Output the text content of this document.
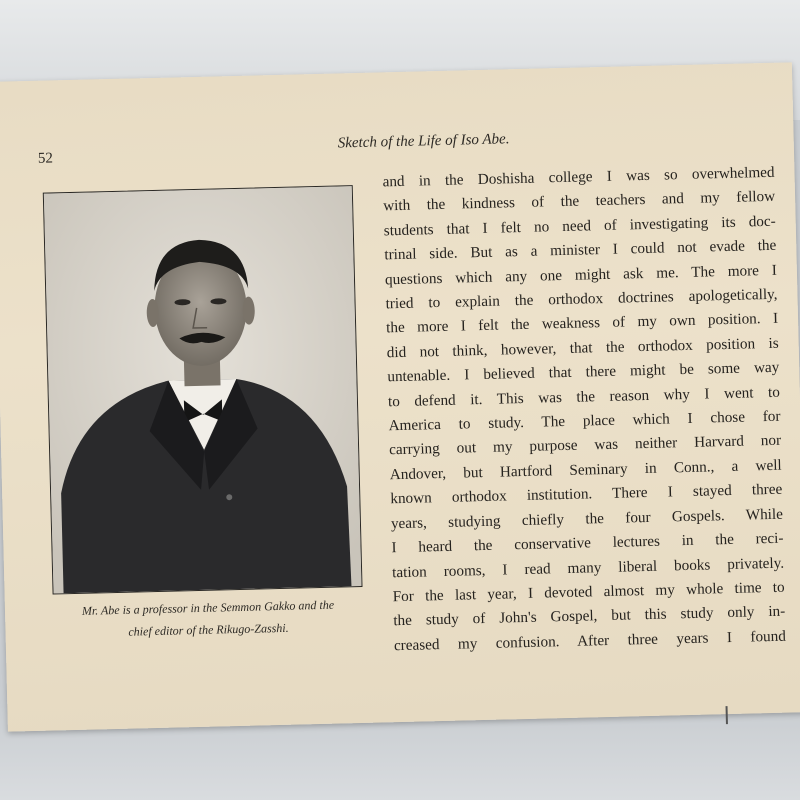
52
Sketch of the Life of Iso Abe.
Mr. Abe is a professor in the Semmon Gakko and the
chief editor of the Rikugo-Zasshi.
and in the Doshisha college I was so overwhelmed
with the kindness of the teachers and my fellow
students that I felt no need of investigating its doc-
trinal side. But as a minister I could not evade the
questions which any one might ask me. The more I
tried to explain the orthodox doctrines apologetically,
the more I felt the weakness of my own position. I
did not think, however, that the orthodox position is
untenable. I believed that there might be some way
to defend it. This was the reason why I went to
America to study. The place which I chose for
carrying out my purpose was neither Harvard nor
Andover, but Hartford Seminary in Conn., a well
known orthodox institution. There I stayed three
years, studying chiefly the four Gospels. While
I heard the conservative lectures in the reci-
tation rooms, I read many liberal books privately.
For the last year, I devoted almost my whole time to
the study of John's Gospel, but this study only in-
creased my confusion. After three years I found
